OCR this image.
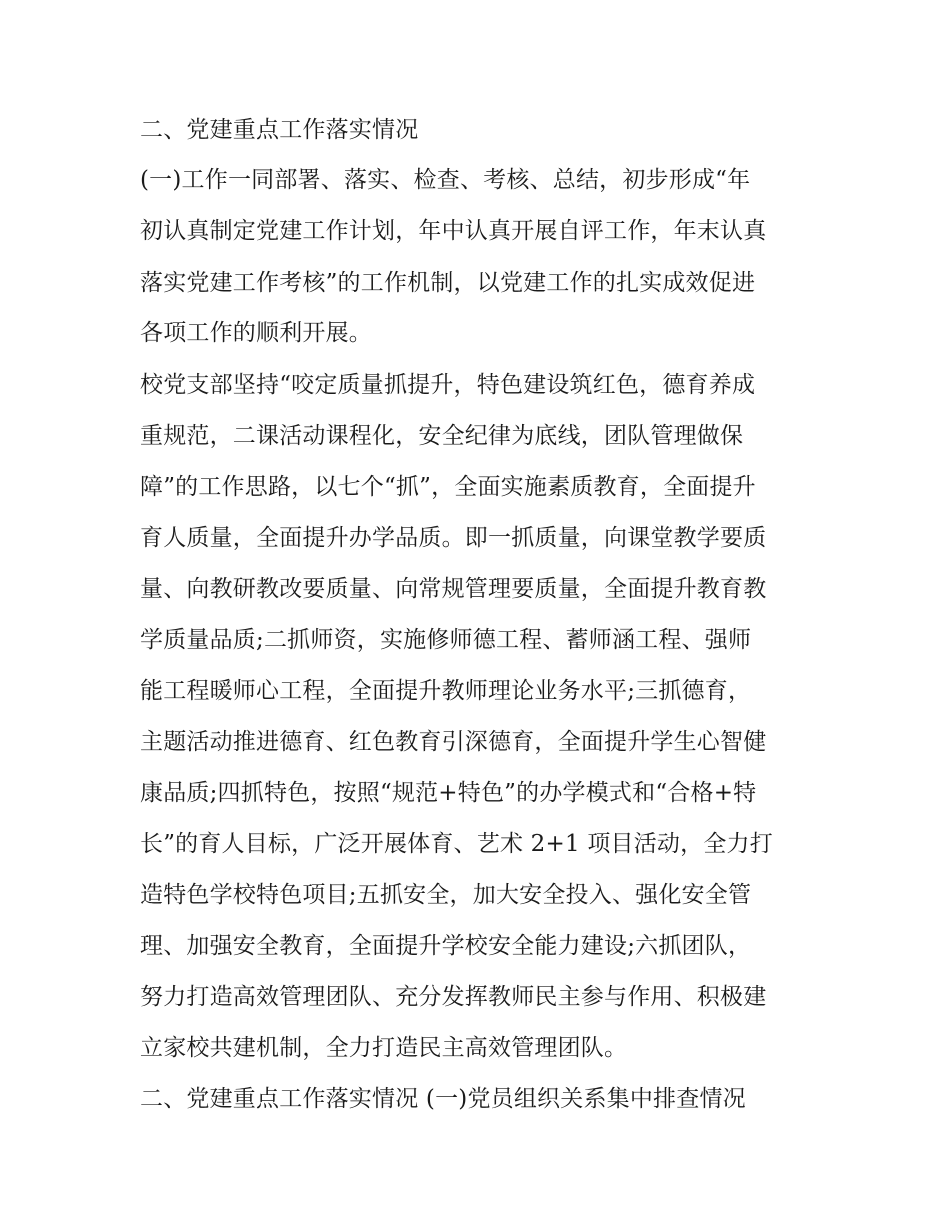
二、党建重点工作落实情况
(一)工作一同部署、落实、检查、考核、总结，初步形成“年
初认真制定党建工作计划，年中认真开展自评工作，年末认真
落实党建工作考核”的工作机制，以党建工作的扎实成效促进
各项工作的顺利开展。
校党支部坚持“咬定质量抓提升，特色建设筑红色，德育养成
重规范，二课活动课程化，安全纪律为底线，团队管理做保
障”的工作思路，以七个“抓”，全面实施素质教育，全面提升
育人质量，全面提升办学品质。即一抓质量，向课堂教学要质
量、向教研教改要质量、向常规管理要质量，全面提升教育教
学质量品质;二抓师资，实施修师德工程、蓄师涵工程、强师
能工程暖师心工程，全面提升教师理论业务水平;三抓德育，
主题活动推进德育、红色教育引深德育，全面提升学生心智健
康品质;四抓特色，按照“规范+特色”的办学模式和“合格+特
长”的育人目标，广泛开展体育、艺术 2+1 项目活动，全力打
造特色学校特色项目;五抓安全，加大安全投入、强化安全管
理、加强安全教育，全面提升学校安全能力建设;六抓团队，
努力打造高效管理团队、充分发挥教师民主参与作用、积极建
立家校共建机制，全力打造民主高效管理团队。
二、党建重点工作落实情况 (一)党员组织关系集中排查情况
